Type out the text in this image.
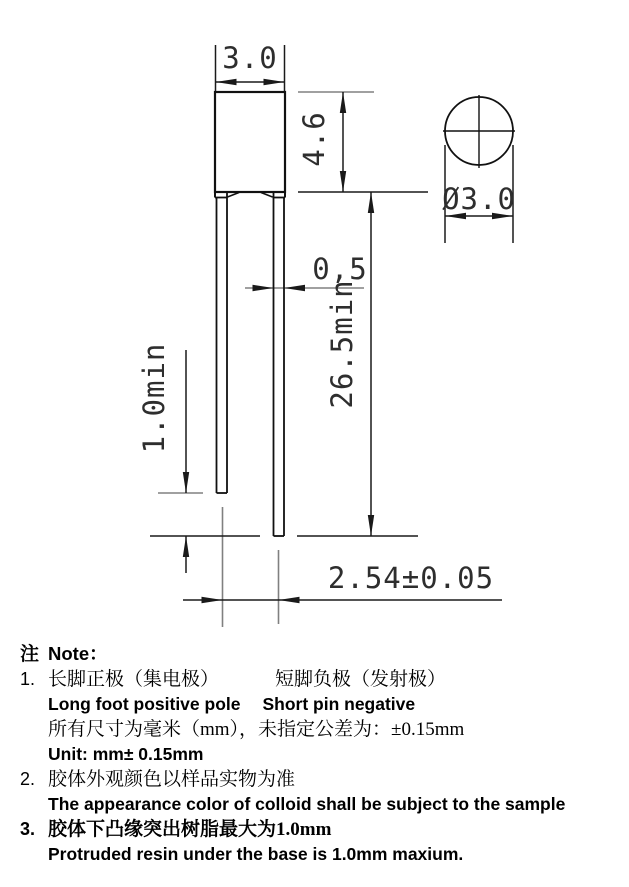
3.0
4.6
0,5
26.5min
1.0min
2.54±0.05
Ø3.0
注 Note：
1. 长脚正极（集电极）	短脚负极（发射极）
Long foot positive pole Short pin negative
所有尺寸为毫米（mm），未指定公差为：±0.15mm
Unit: mm± 0.15mm
2. 胶体外观颜色以样品实物为准
The appearance color of colloid shall be subject to the sample
3. 胶体下凸缘突出树脂最大为1.0mm
Protruded resin under the base is 1.0mm maxium.
